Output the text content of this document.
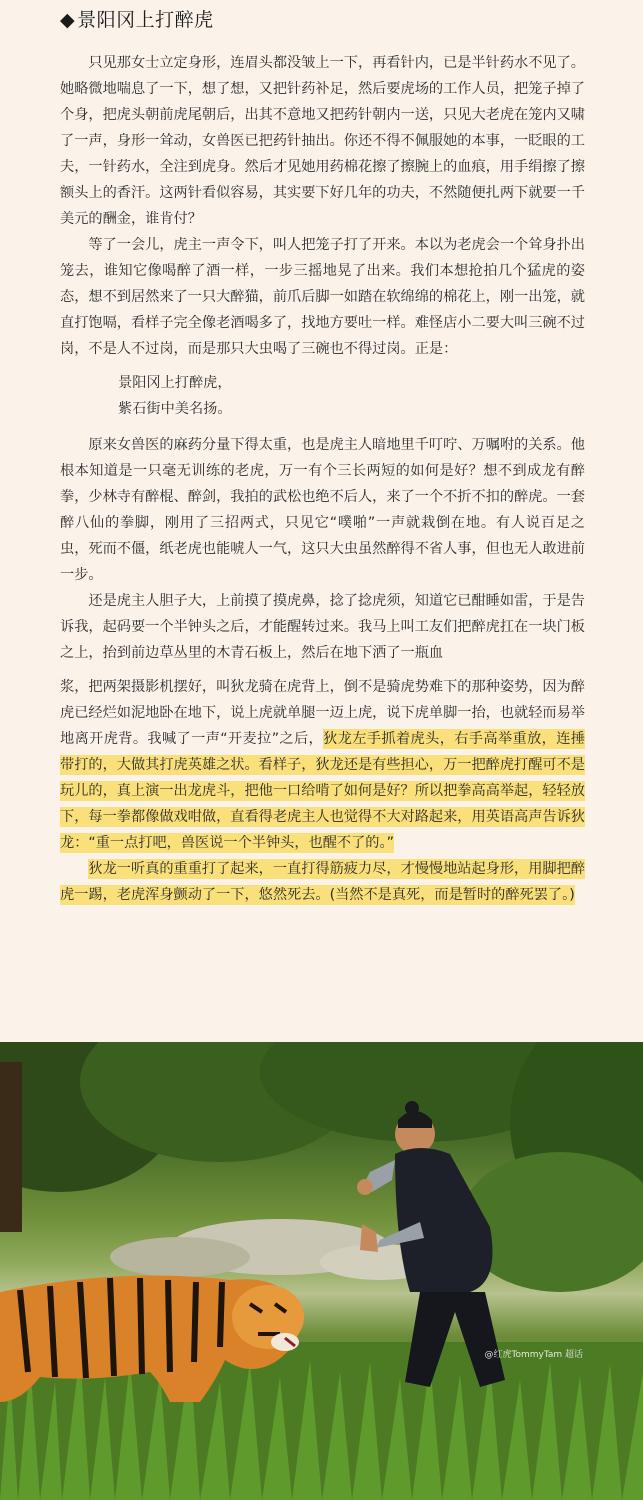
◆ 景阳冈上打醉虎

只见那女士立定身形，连眉头都没皱上一下，再看针内，已是半针药水不见了。她略微地喘息了一下，想了想，又把针药补足，然后要虎场的工作人员，把笼子掉了个身，把虎头朝前虎尾朝后，出其不意地又把药针朝内一送，只见大老虎在笼内又啸了一声，身形一耸动，女兽医已把药针抽出。你还不得不佩服她的本事，一眨眼的工夫，一针药水，全注到虎身。然后才见她用药棉花擦了擦腕上的血痕，用手绢擦了擦额头上的香汗。这两针看似容易，其实要下好几年的功夫，不然随便扎两下就要一千美元的酬金，谁肯付？

等了一会儿，虎主一声令下，叫人把笼子打了开来。本以为老虎会一个耸身扑出笼去，谁知它像喝醉了酒一样，一步三摇地晃了出来。我们本想抢拍几个猛虎的姿态，想不到居然来了一只大醉猫，前爪后脚一如踏在软绵绵的棉花上，刚一出笼，就直打饱嗝，看样子完全像老酒喝多了，找地方要吐一样。难怪店小二要大叫三碗不过岗，不是人不过岗，而是那只大虫喝了三碗也不得过岗。正是：

景阳冈上打醉虎，
紫石街中美名扬。

原来女兽医的麻药分量下得太重，也是虎主人暗地里千叮咛、万嘱咐的关系。他根本知道是一只毫无训练的老虎，万一有个三长两短的如何是好？想不到成龙有醉拳，少林寺有醉棍、醉剑，我拍的武松也绝不后人，来了一个不折不扣的醉虎。一套醉八仙的拳脚，刚用了三招两式，只见它“噗啪”一声就栽倒在地。有人说百足之虫，死而不僵，纸老虎也能唬人一气，这只大虫虽然醉得不省人事，但也无人敢进前一步。

还是虎主人胆子大，上前摸了摸虎鼻，捻了捻虎须，知道它已酣睡如雷，于是告诉我，起码要一个半钟头之后，才能醒转过来。我马上叫工友们把醉虎扛在一块门板之上，抬到前边草丛里的木青石板上，然后在地下洒了一瓶血

浆，把两架摄影机摆好，叫狄龙骑在虎背上，倒不是骑虎势难下的那种姿势，因为醉虎已经烂如泥地卧在地下，说上虎就单腿一迈上虎，说下虎单脚一抬，也就轻而易举地离开虎背。我喊了一声“开麦拉”之后，狄龙左手抓着虎头，右手高举重放，连捶带打的，大做其打虎英雄之状。看样子，狄龙还是有些担心，万一把醉虎打醒可不是玩儿的，真上演一出龙虎斗，把他一口给啃了如何是好？所以把拳高高举起，轻轻放下，每一拳都像做戏咁做，直看得老虎主人也觉得不大对路起来，用英语高声告诉狄龙：“重一点打吧，兽医说一个半钟头，也醒不了的。”

狄龙一听真的重重打了起来，一直打得筋疲力尽，才慢慢地站起身形，用脚把醉虎一踢，老虎浑身颤动了一下，悠然死去。(当然不是真死，而是暂时的醉死罢了。)

@红虎TommyTam 超话
